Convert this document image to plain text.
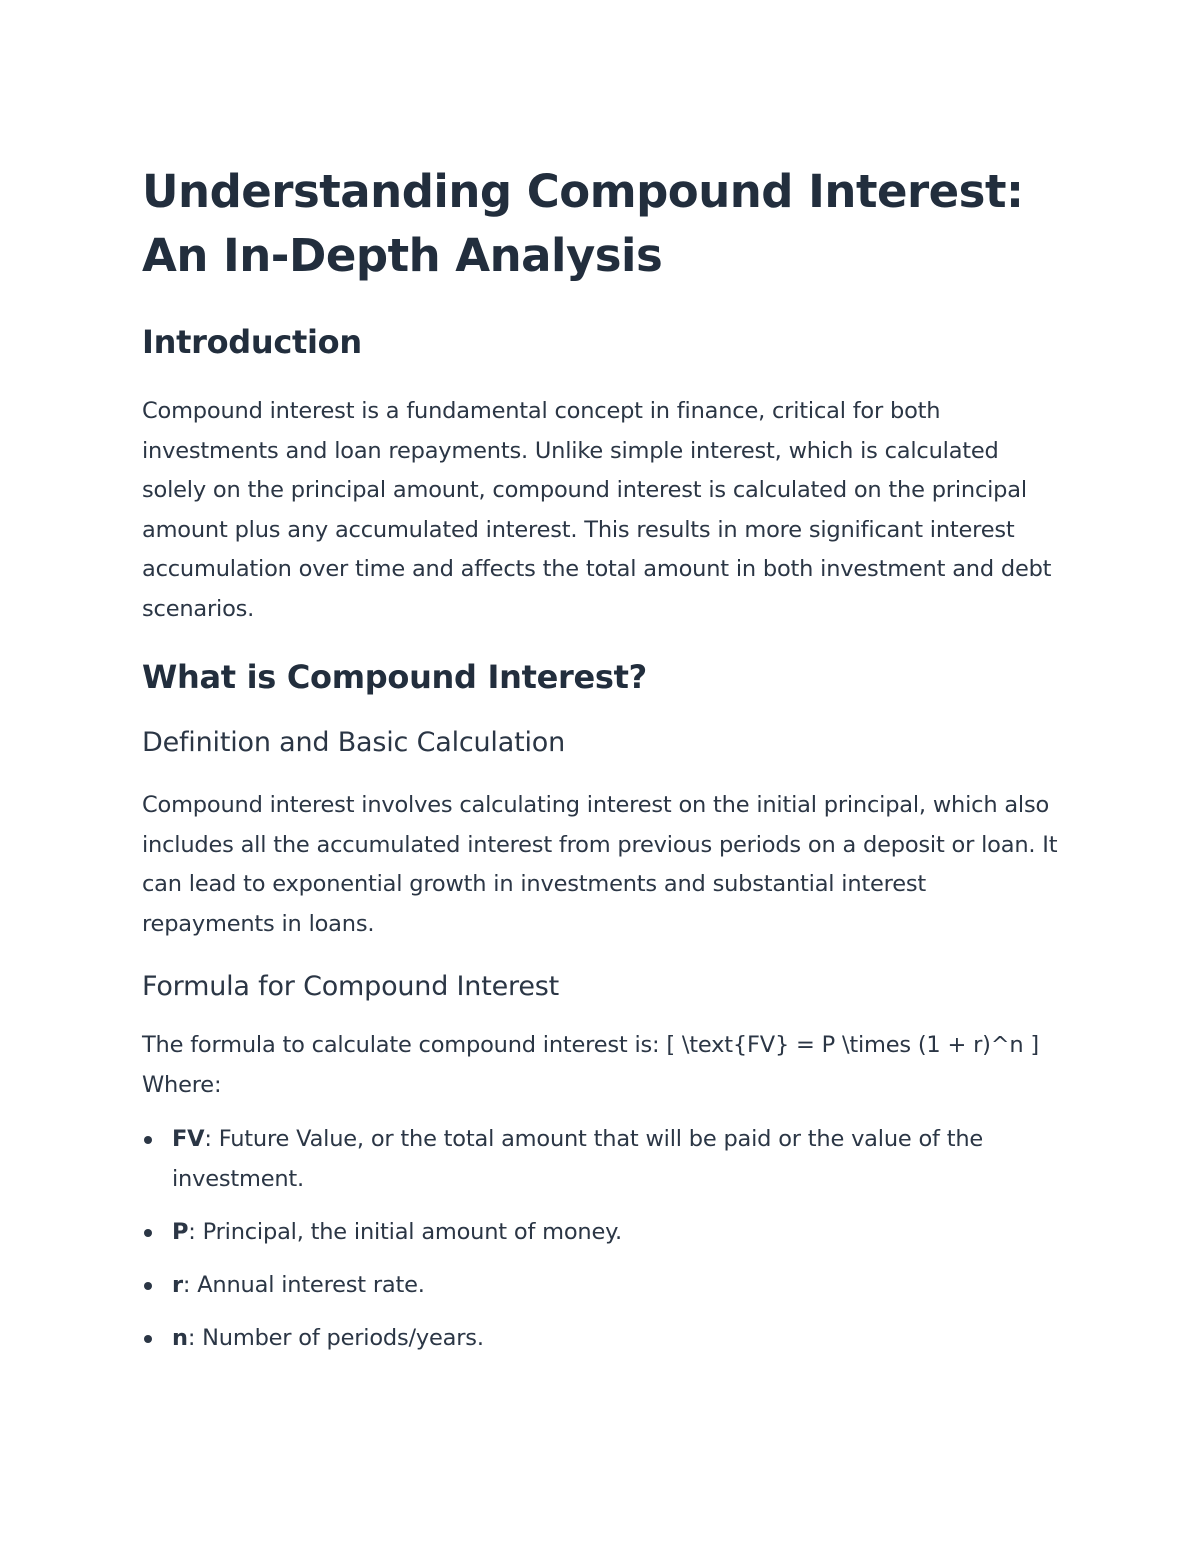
Understanding Compound Interest: An In-Depth Analysis
Introduction

Compound interest is a fundamental concept in finance, critical for both investments and loan repayments. Unlike simple interest, which is calculated solely on the principal amount, compound interest is calculated on the principal amount plus any accumulated interest. This results in more significant interest accumulation over time and affects the total amount in both investment and debt scenarios.

What is Compound Interest?
Definition and Basic Calculation

Compound interest involves calculating interest on the initial principal, which also includes all the accumulated interest from previous periods on a deposit or loan. It can lead to exponential growth in investments and substantial interest repayments in loans.

Formula for Compound Interest

The formula to calculate compound interest is: [ \text{FV} = P \times (1 + r)^n ] Where:

FV: Future Value, or the total amount that will be paid or the value of the investment.
P: Principal, the initial amount of money.
r: Annual interest rate.
n: Number of periods/years.
